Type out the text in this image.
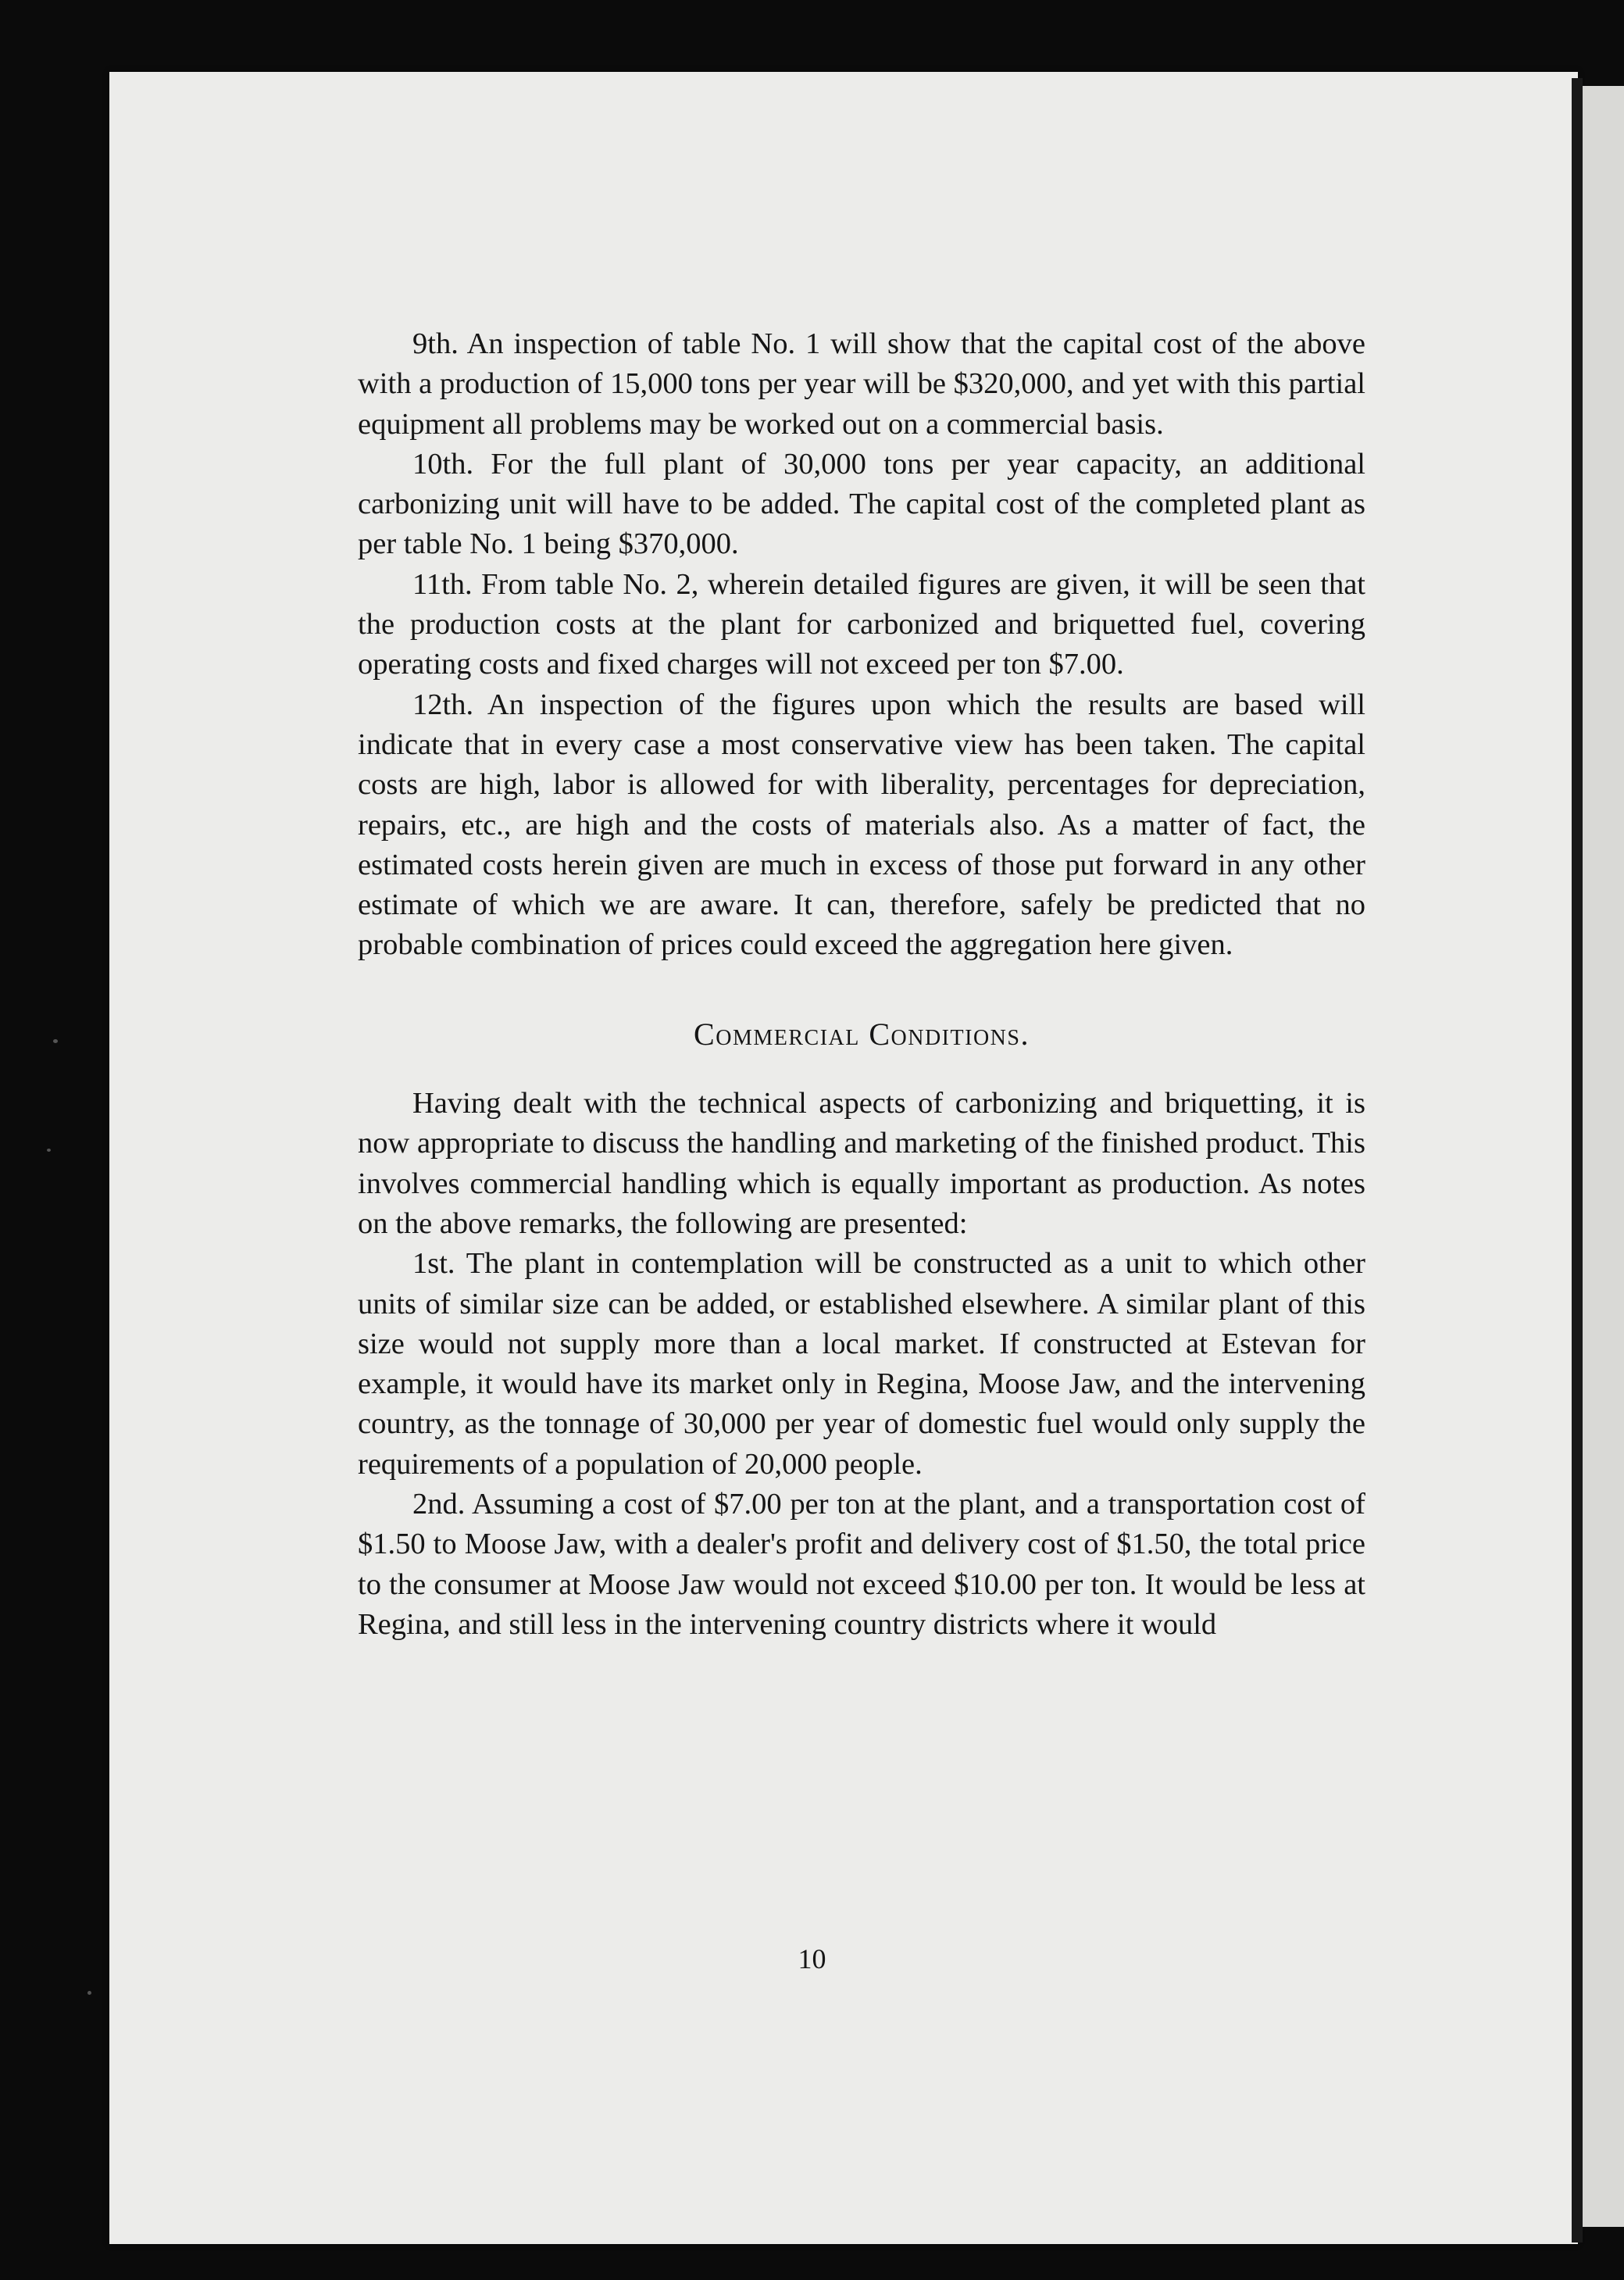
9th. An inspection of table No. 1 will show that the capital cost of the above with a production of 15,000 tons per year will be $320,000, and yet with this partial equipment all problems may be worked out on a commercial basis.

10th. For the full plant of 30,000 tons per year capacity, an additional carbonizing unit will have to be added. The capital cost of the completed plant as per table No. 1 being $370,000.

11th. From table No. 2, wherein detailed figures are given, it will be seen that the production costs at the plant for carbonized and briquetted fuel, covering operating costs and fixed charges will not exceed per ton $7.00.

12th. An inspection of the figures upon which the results are based will indicate that in every case a most conservative view has been taken. The capital costs are high, labor is allowed for with liberality, percentages for depreciation, repairs, etc., are high and the costs of materials also. As a matter of fact, the estimated costs herein given are much in excess of those put forward in any other estimate of which we are aware. It can, therefore, safely be predicted that no probable combination of prices could exceed the aggregation here given.

Commercial Conditions.

Having dealt with the technical aspects of carbonizing and briquetting, it is now appropriate to discuss the handling and marketing of the finished product. This involves commercial handling which is equally important as production. As notes on the above remarks, the following are presented:

1st. The plant in contemplation will be constructed as a unit to which other units of similar size can be added, or established elsewhere. A similar plant of this size would not supply more than a local market. If constructed at Estevan for example, it would have its market only in Regina, Moose Jaw, and the intervening country, as the tonnage of 30,000 per year of domestic fuel would only supply the requirements of a population of 20,000 people.

2nd. Assuming a cost of $7.00 per ton at the plant, and a transportation cost of $1.50 to Moose Jaw, with a dealer's profit and delivery cost of $1.50, the total price to the consumer at Moose Jaw would not exceed $10.00 per ton. It would be less at Regina, and still less in the intervening country districts where it would

10
